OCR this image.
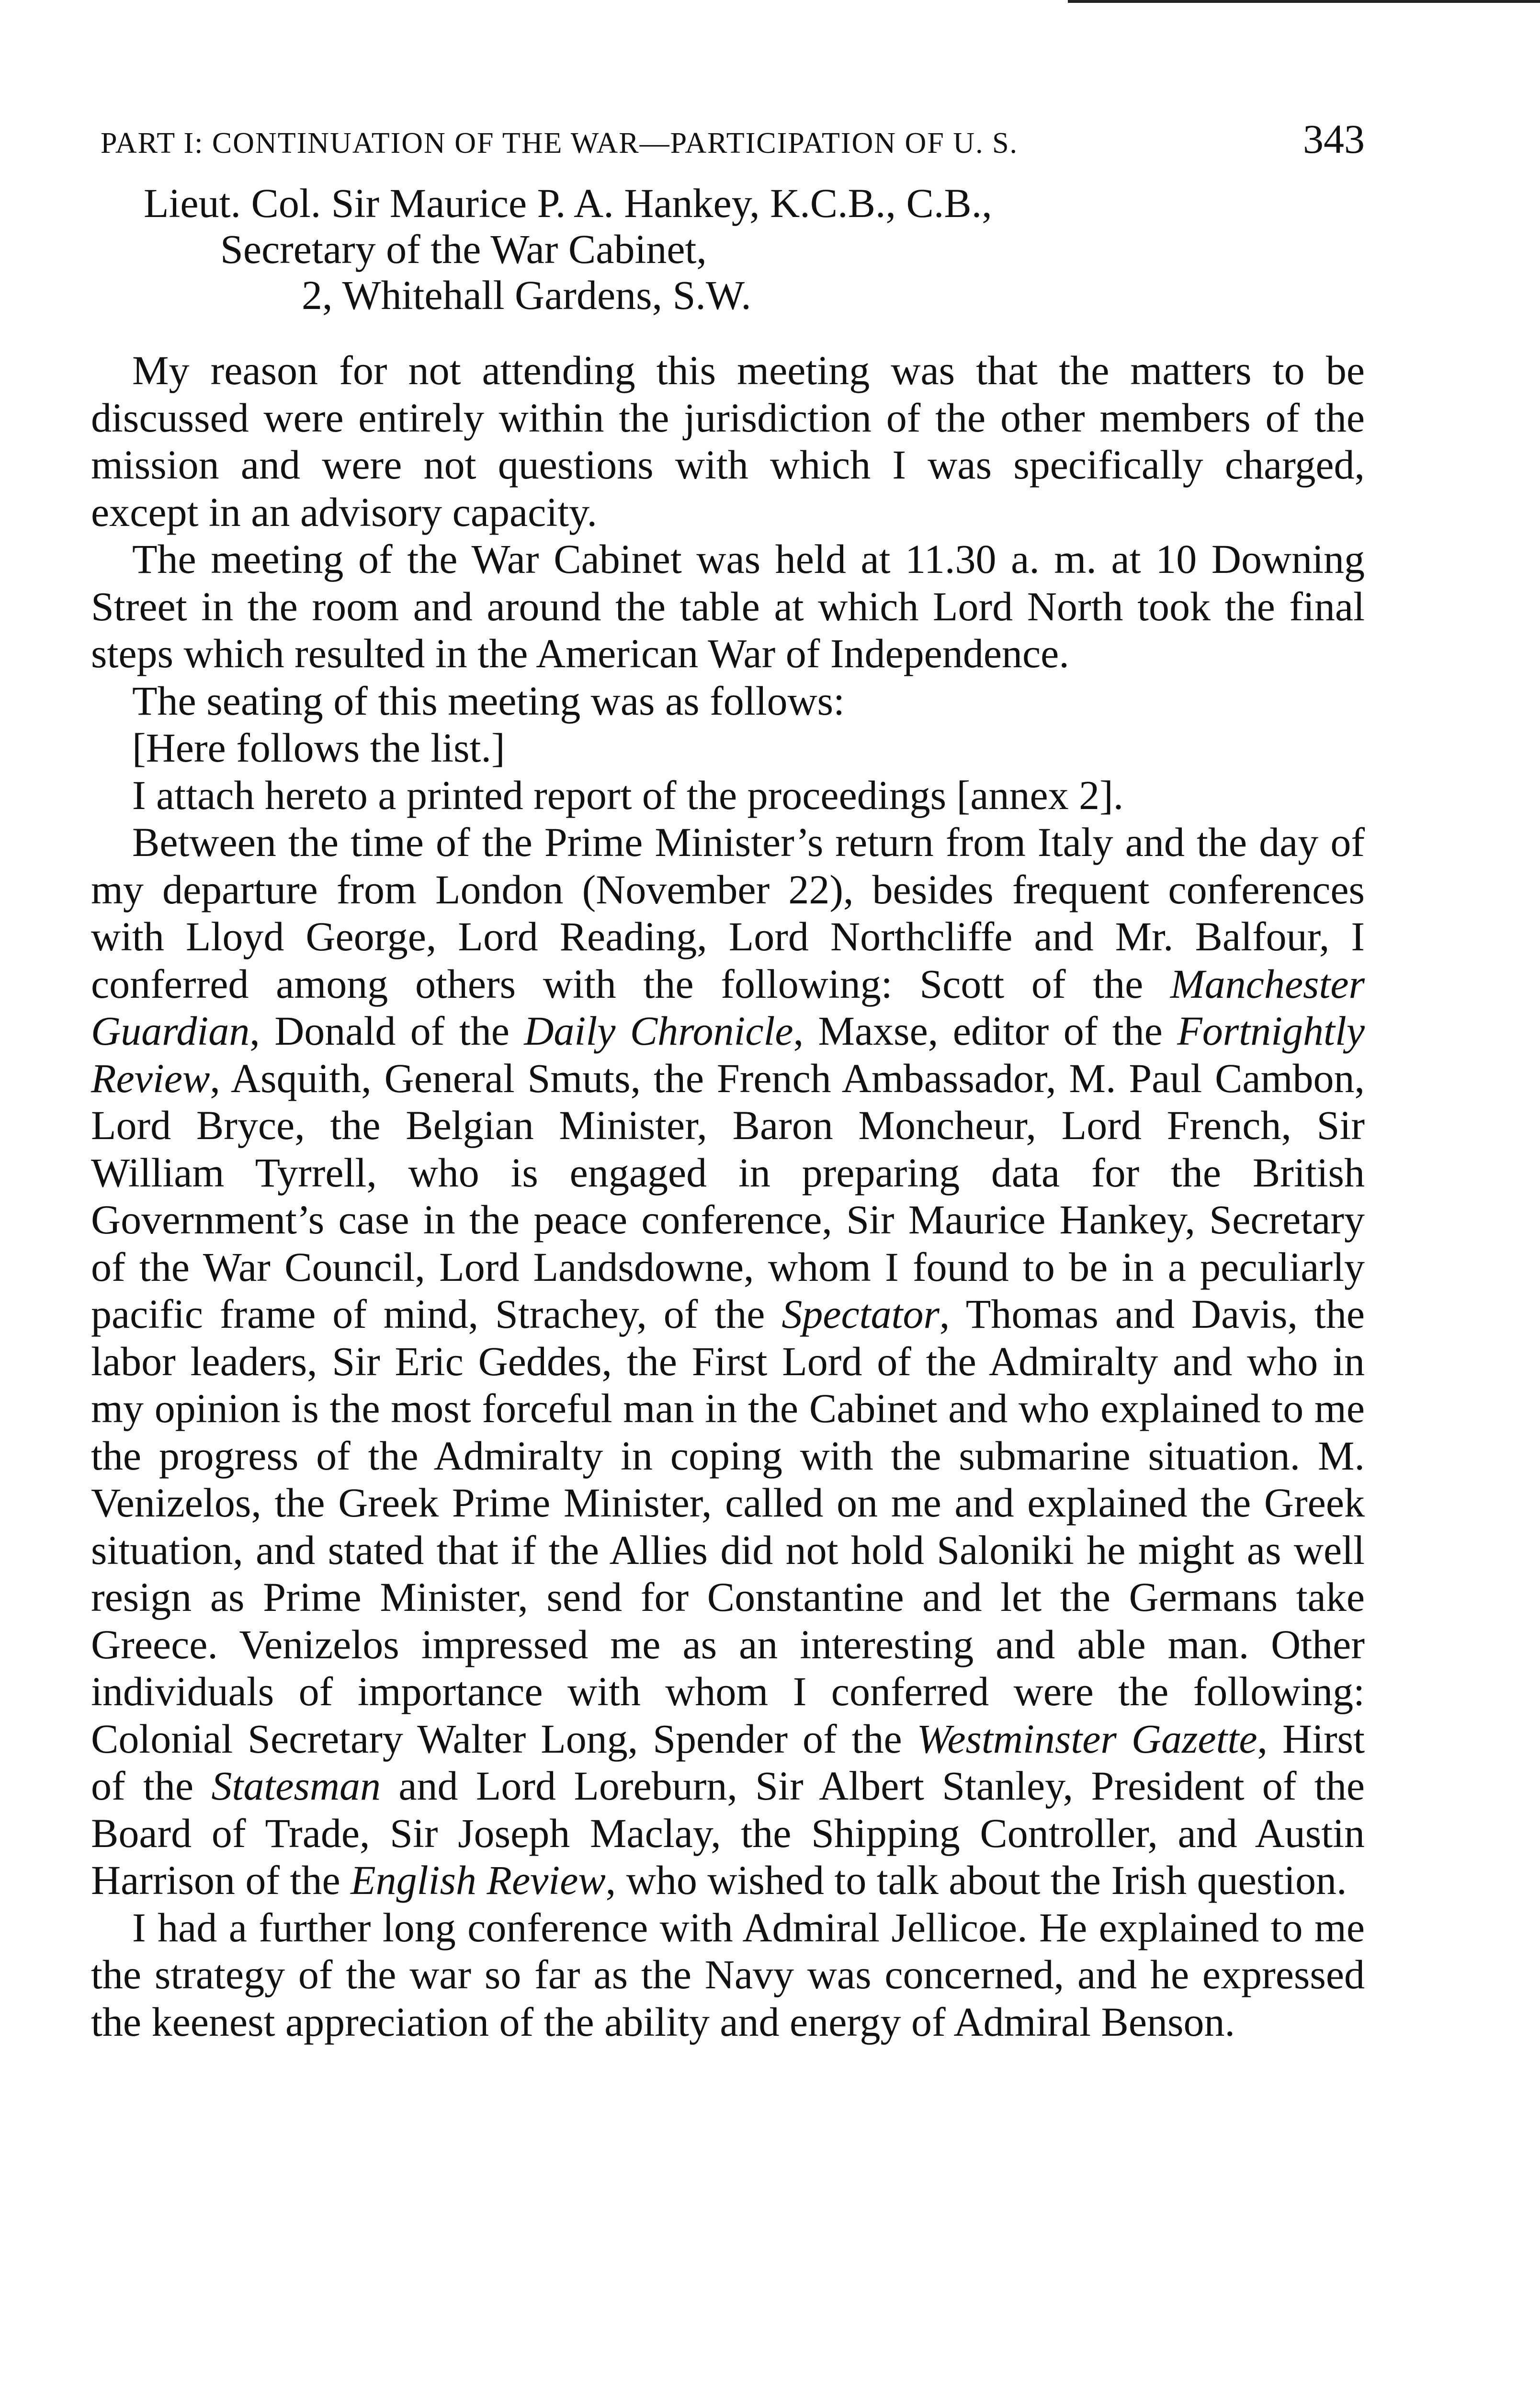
PART I: CONTINUATION OF THE WAR—PARTICIPATION OF U. S.	343
Lieut. Col. Sir Maurice P. A. Hankey, K.C.B., C.B.,
Secretary of the War Cabinet,
2, Whitehall Gardens, S.W.

My reason for not attending this meeting was that the matters to be discussed were entirely within the jurisdiction of the other members of the mission and were not questions with which I was specifically charged, except in an advisory capacity.

The meeting of the War Cabinet was held at 11.30 a. m. at 10 Downing Street in the room and around the table at which Lord North took the final steps which resulted in the American War of Independence.

The seating of this meeting was as follows:

[Here follows the list.]

I attach hereto a printed report of the proceedings [annex 2].

Between the time of the Prime Minister’s return from Italy and the day of my departure from London (November 22), besides frequent conferences with Lloyd George, Lord Reading, Lord Northcliffe and Mr. Balfour, I conferred among others with the following: Scott of the Manchester Guardian, Donald of the Daily Chronicle, Maxse, editor of the Fortnightly Review, Asquith, General Smuts, the French Ambassador, M. Paul Cambon, Lord Bryce, the Belgian Minister, Baron Moncheur, Lord French, Sir William Tyrrell, who is engaged in preparing data for the British Government’s case in the peace conference, Sir Maurice Hankey, Secretary of the War Council, Lord Landsdowne, whom I found to be in a peculiarly pacific frame of mind, Strachey, of the Spectator, Thomas and Davis, the labor leaders, Sir Eric Geddes, the First Lord of the Admiralty and who in my opinion is the most forceful man in the Cabinet and who explained to me the progress of the Admiralty in coping with the submarine situation. M. Venizelos, the Greek Prime Minister, called on me and explained the Greek situation, and stated that if the Allies did not hold Saloniki he might as well resign as Prime Minister, send for Constantine and let the Germans take Greece. Venizelos impressed me as an interesting and able man. Other individuals of importance with whom I conferred were the following: Colonial Secretary Walter Long, Spender of the Westminster Gazette, Hirst of the Statesman and Lord Loreburn, Sir Albert Stanley, President of the Board of Trade, Sir Joseph Maclay, the Shipping Controller, and Austin Harrison of the English Review, who wished to talk about the Irish question.

I had a further long conference with Admiral Jellicoe. He explained to me the strategy of the war so far as the Navy was concerned, and he expressed the keenest appreciation of the ability and energy of Admiral Benson.
